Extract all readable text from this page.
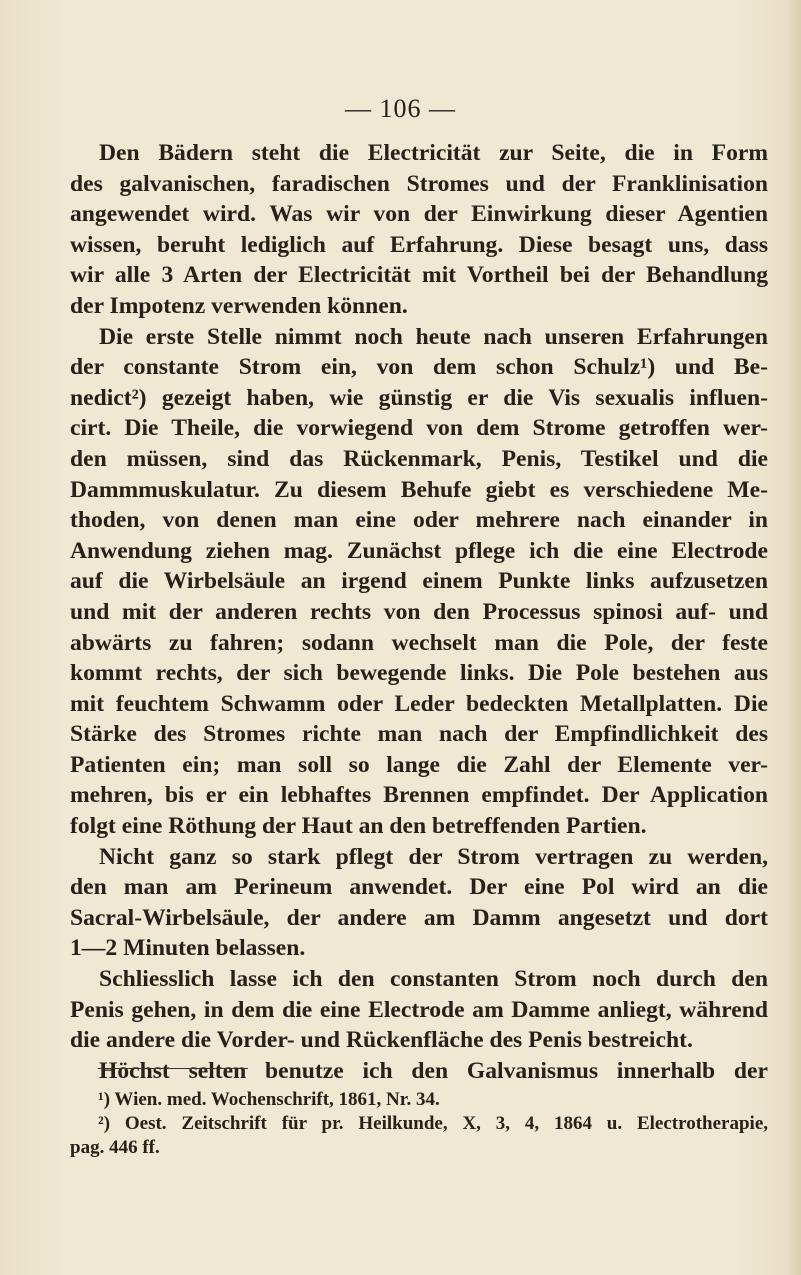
— 106 —
Den Bädern steht die Electricität zur Seite, die in Form
des galvanischen, faradischen Stromes und der Franklinisation
angewendet wird. Was wir von der Einwirkung dieser Agentien
wissen, beruht lediglich auf Erfahrung. Diese besagt uns, dass
wir alle 3 Arten der Electricität mit Vortheil bei der Behandlung
der Impotenz verwenden können.
Die erste Stelle nimmt noch heute nach unseren Erfahrungen
der constante Strom ein, von dem schon Schulz¹) und Be-
nedict²) gezeigt haben, wie günstig er die Vis sexualis influen-
cirt. Die Theile, die vorwiegend von dem Strome getroffen wer-
den müssen, sind das Rückenmark, Penis, Testikel und die
Dammmuskulatur. Zu diesem Behufe giebt es verschiedene Me-
thoden, von denen man eine oder mehrere nach einander in
Anwendung ziehen mag. Zunächst pflege ich die eine Electrode
auf die Wirbelsäule an irgend einem Punkte links aufzusetzen
und mit der anderen rechts von den Processus spinosi auf- und
abwärts zu fahren; sodann wechselt man die Pole, der feste
kommt rechts, der sich bewegende links. Die Pole bestehen aus
mit feuchtem Schwamm oder Leder bedeckten Metallplatten. Die
Stärke des Stromes richte man nach der Empfindlichkeit des
Patienten ein; man soll so lange die Zahl der Elemente ver-
mehren, bis er ein lebhaftes Brennen empfindet. Der Application
folgt eine Röthung der Haut an den betreffenden Partien.
Nicht ganz so stark pflegt der Strom vertragen zu werden,
den man am Perineum anwendet. Der eine Pol wird an die
Sacral-Wirbelsäule, der andere am Damm angesetzt und dort
1—2 Minuten belassen.
Schliesslich lasse ich den constanten Strom noch durch den
Penis gehen, in dem die eine Electrode am Damme anliegt, während
die andere die Vorder- und Rückenfläche des Penis bestreicht.
Höchst selten benutze ich den Galvanismus innerhalb der
¹) Wien. med. Wochenschrift, 1861, Nr. 34.
²) Oest. Zeitschrift für pr. Heilkunde, X, 3, 4, 1864 u. Electrotherapie,
pag. 446 ff.
